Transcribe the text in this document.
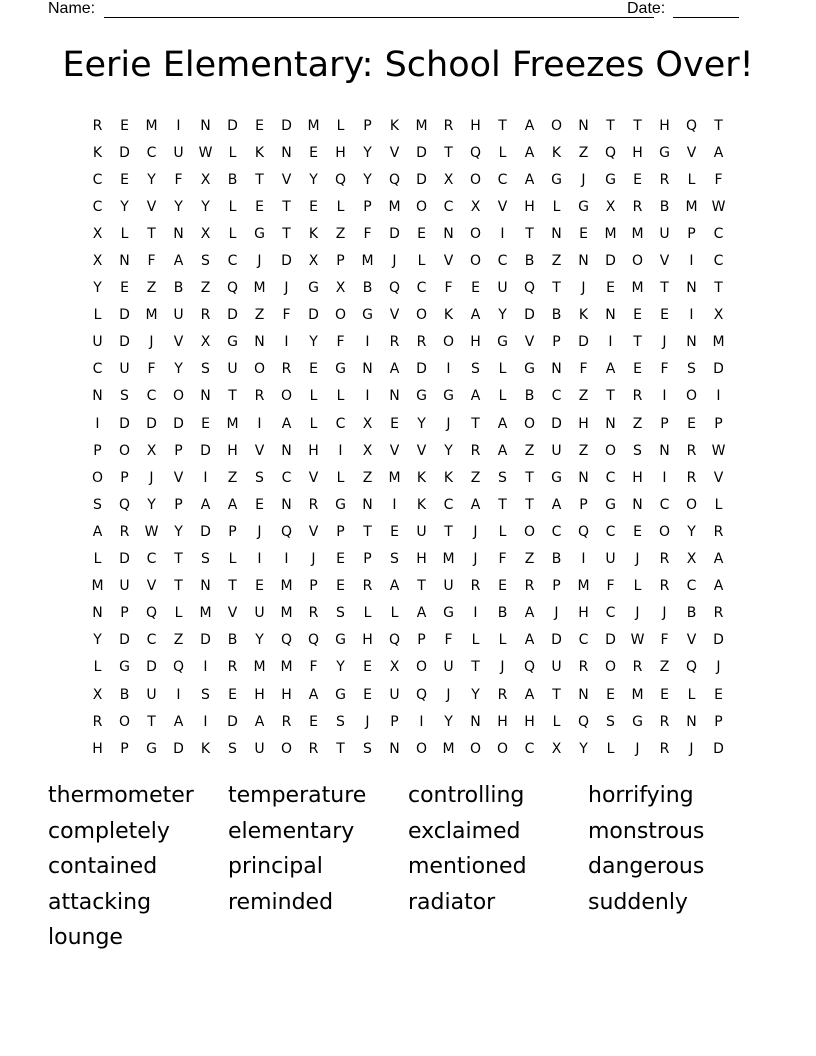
Name:	Date:
Eerie Elementary: School Freezes Over!
R	E	M	I	N	D	E	D	M	L	P	K	M	R	H	T	A	O	N	T	T	H	Q	T
K	D	C	U	W	L	K	N	E	H	Y	V	D	T	Q	L	A	K	Z	Q	H	G	V	A
C	E	Y	F	X	B	T	V	Y	Q	Y	Q	D	X	O	C	A	G	J	G	E	R	L	F
C	Y	V	Y	Y	L	E	T	E	L	P	M	O	C	X	V	H	L	G	X	R	B	M	W
X	L	T	N	X	L	G	T	K	Z	F	D	E	N	O	I	T	N	E	M	M	U	P	C
X	N	F	A	S	C	J	D	X	P	M	J	L	V	O	C	B	Z	N	D	O	V	I	C
Y	E	Z	B	Z	Q	M	J	G	X	B	Q	C	F	E	U	Q	T	J	E	M	T	N	T
L	D	M	U	R	D	Z	F	D	O	G	V	O	K	A	Y	D	B	K	N	E	E	I	X
U	D	J	V	X	G	N	I	Y	F	I	R	R	O	H	G	V	P	D	I	T	J	N	M
C	U	F	Y	S	U	O	R	E	G	N	A	D	I	S	L	G	N	F	A	E	F	S	D
N	S	C	O	N	T	R	O	L	L	I	N	G	G	A	L	B	C	Z	T	R	I	O	I
I	D	D	D	E	M	I	A	L	C	X	E	Y	J	T	A	O	D	H	N	Z	P	E	P
P	O	X	P	D	H	V	N	H	I	X	V	V	Y	R	A	Z	U	Z	O	S	N	R	W
O	P	J	V	I	Z	S	C	V	L	Z	M	K	K	Z	S	T	G	N	C	H	I	R	V
S	Q	Y	P	A	A	E	N	R	G	N	I	K	C	A	T	T	A	P	G	N	C	O	L
A	R	W	Y	D	P	J	Q	V	P	T	E	U	T	J	L	O	C	Q	C	E	O	Y	R
L	D	C	T	S	L	I	I	J	E	P	S	H	M	J	F	Z	B	I	U	J	R	X	A
M	U	V	T	N	T	E	M	P	E	R	A	T	U	R	E	R	P	M	F	L	R	C	A
N	P	Q	L	M	V	U	M	R	S	L	L	A	G	I	B	A	J	H	C	J	J	B	R
Y	D	C	Z	D	B	Y	Q	Q	G	H	Q	P	F	L	L	A	D	C	D	W	F	V	D
L	G	D	Q	I	R	M	M	F	Y	E	X	O	U	T	J	Q	U	R	O	R	Z	Q	J
X	B	U	I	S	E	H	H	A	G	E	U	Q	J	Y	R	A	T	N	E	M	E	L	E
R	O	T	A	I	D	A	R	E	S	J	P	I	Y	N	H	H	L	Q	S	G	R	N	P
H	P	G	D	K	S	U	O	R	T	S	N	O	M	O	O	C	X	Y	L	J	R	J	D
thermometer	temperature	controlling	horrifying
completely	elementary	exclaimed	monstrous
contained	principal	mentioned	dangerous
attacking	reminded	radiator	suddenly
lounge
